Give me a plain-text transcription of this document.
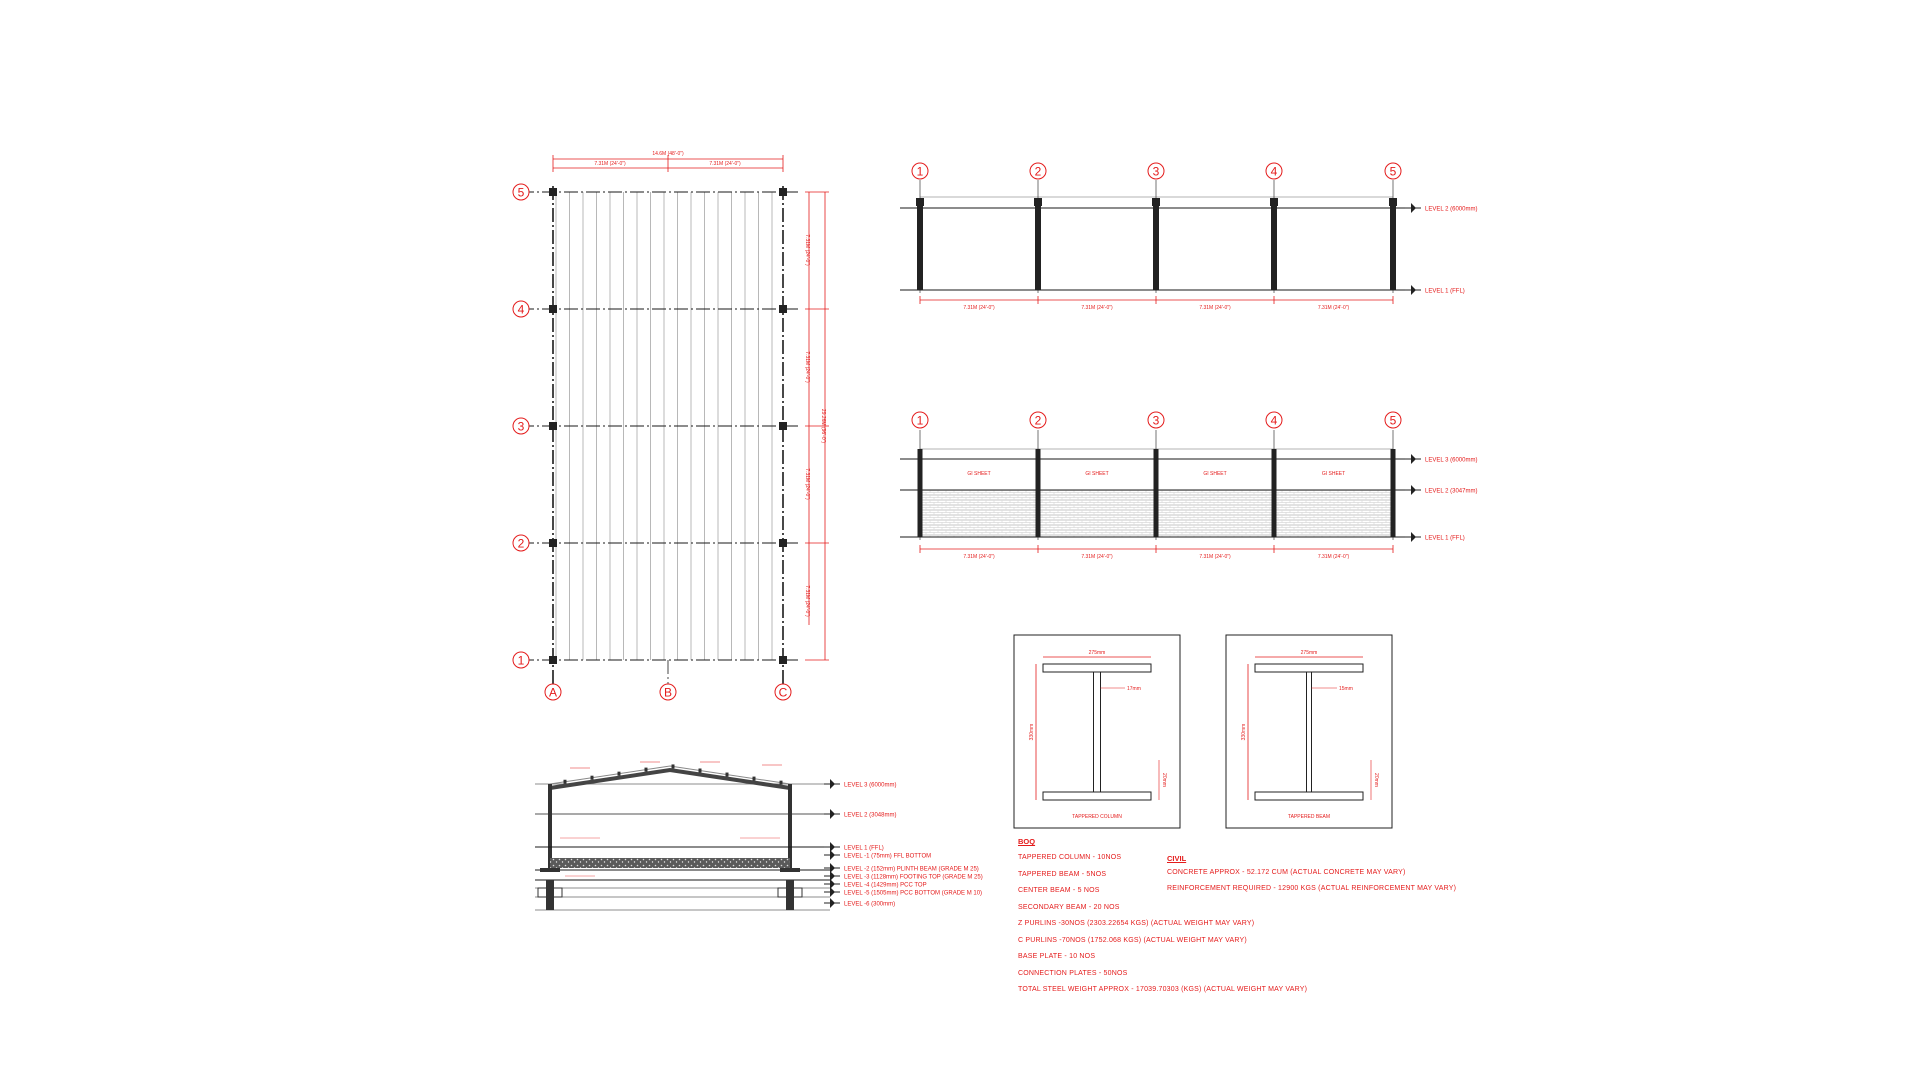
5
4
3
2
1
A	B	C
14.6M (48'-0")
7.31M (24'-0")	7.31M (24'-0")
7.31M (24'-0")
7.31M (24'-0")
7.31M (24'-0")
7.31M (24'-0")
29.26M (96'-0")
1	2	3	4	5
LEVEL 2 (6000mm)
LEVEL 1 (FFL)
7.31M (24'-0")	7.31M (24'-0")	7.31M (24'-0")	7.31M (24'-0")
1	2	3	4	5
GI SHEET	GI SHEET	GI SHEET	GI SHEET
LEVEL 3 (6000mm)
LEVEL 2 (3047mm)
LEVEL 1 (FFL)
7.31M (24'-0")	7.31M (24'-0")	7.31M (24'-0")	7.31M (24'-0")
LEVEL 3 (6000mm)
LEVEL 2 (3048mm)
LEVEL 1 (FFL)
LEVEL -1 (75mm) FFL BOTTOM
LEVEL -2 (152mm) PLINTH BEAM (GRADE M 25)
LEVEL -3 (1128mm) FOOTING TOP (GRADE M 25)
LEVEL -4 (1429mm) PCC TOP
LEVEL -5 (1505mm) PCC BOTTOM (GRADE M 10)
LEVEL -6 (300mm)
275mm
17mm
330mm
20mm
TAPPERED COLUMN
275mm
15mm
330mm
20mm
TAPPERED BEAM
BOQ
TAPPERED COLUMN - 10NOS
TAPPERED BEAM - 5NOS
CENTER BEAM - 5 NOS
SECONDARY BEAM - 20 NOS
Z PURLINS -30NOS (2303.22654 KGS) (ACTUAL WEIGHT MAY VARY)
C PURLINS -70NOS (1752.068 KGS) (ACTUAL WEIGHT MAY VARY)
BASE PLATE - 10 NOS
CONNECTION PLATES - 50NOS
TOTAL STEEL WEIGHT APPROX - 17039.70303 (KGS) (ACTUAL WEIGHT MAY VARY)
CIVIL
CONCRETE APPROX - 52.172 CUM (ACTUAL CONCRETE MAY VARY)
REINFORCEMENT REQUIRED - 12900 KGS (ACTUAL REINFORCEMENT MAY VARY)
